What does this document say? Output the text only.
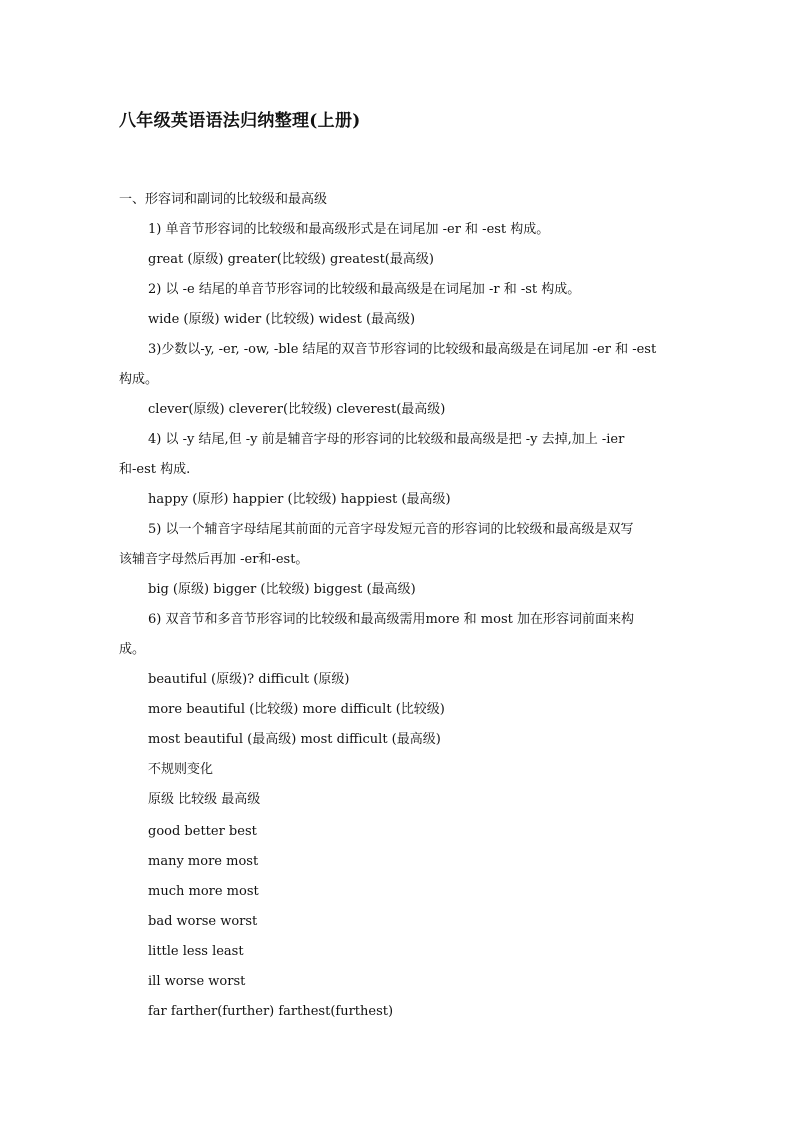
八年级英语语法归纳整理(上册)
一、形容词和副词的比较级和最高级
1) 单音节形容词的比较级和最高级形式是在词尾加 -er 和 -est 构成。
great (原级) greater(比较级) greatest(最高级)
2) 以 -e 结尾的单音节形容词的比较级和最高级是在词尾加 -r 和 -st 构成。
wide (原级) wider (比较级) widest (最高级)
3)少数以-y, -er, -ow, -ble 结尾的双音节形容词的比较级和最高级是在词尾加 -er 和 -est
构成。
clever(原级) cleverer(比较级) cleverest(最高级)
4) 以 -y 结尾,但 -y 前是辅音字母的形容词的比较级和最高级是把 -y 去掉,加上 -ier
和-est 构成.
happy (原形) happier (比较级) happiest (最高级)
5) 以一个辅音字母结尾其前面的元音字母发短元音的形容词的比较级和最高级是双写
该辅音字母然后再加 -er和-est。
big (原级) bigger (比较级) biggest (最高级)
6) 双音节和多音节形容词的比较级和最高级需用more 和 most 加在形容词前面来构
成。
beautiful (原级)? difficult (原级)
more beautiful (比较级) more difficult (比较级)
most beautiful (最高级) most difficult (最高级)
不规则变化
原级 比较级 最高级
good better best
many more most
much more most
bad worse worst
little less least
ill worse worst
far farther(further) farthest(furthest)
